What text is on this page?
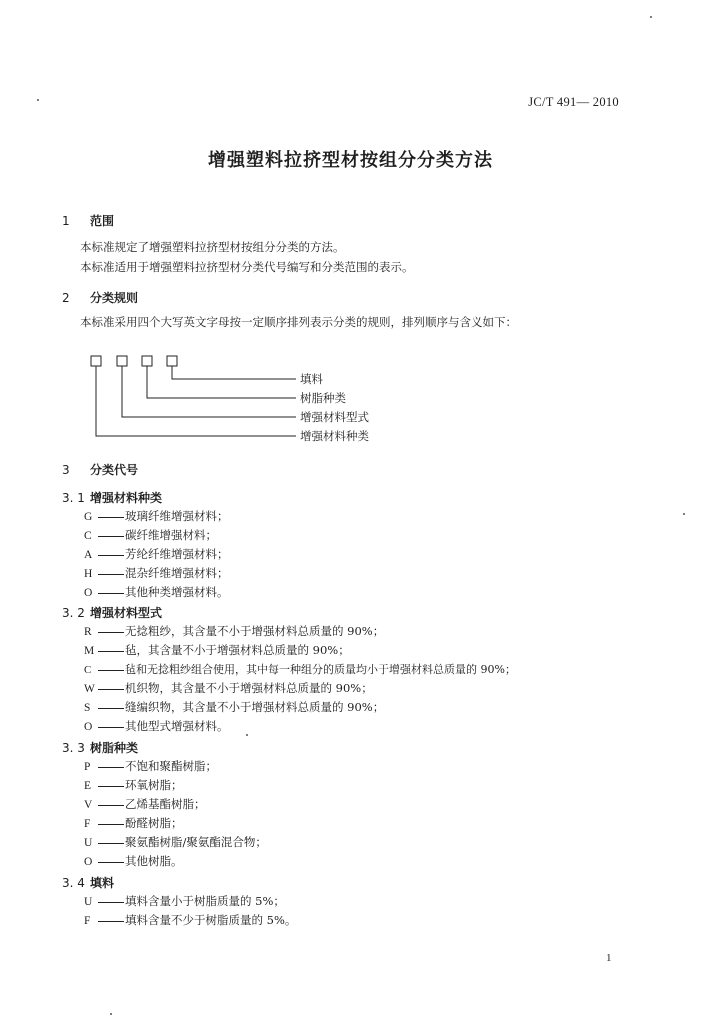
JC/T 491— 2010
增强塑料拉挤型材按组分分类方法
1 范围
本标准规定了增强塑料拉挤型材按组分分类的方法。
本标准适用于增强塑料拉挤型材分类代号编写和分类范围的表示。
2 分类规则
本标准采用四个大写英文字母按一定顺序排列表示分类的规则，排列顺序与含义如下：
填料
树脂种类
增强材料型式
增强材料种类
3 分类代号
3. 1 增强材料种类
G	玻璃纤维增强材料；
C	碳纤维增强材料；
A	芳纶纤维增强材料；
H	混杂纤维增强材料；
O	其他种类增强材料。
3. 2 增强材料型式
R	无捻粗纱，其含量不小于增强材料总质量的 90%；
M	毡，其含量不小于增强材料总质量的 90%；
C	毡和无捻粗纱组合使用，其中每一种组分的质量均小于增强材料总质量的 90%；
W	机织物，其含量不小于增强材料总质量的 90%；
S	缝编织物，其含量不小于增强材料总质量的 90%；
O	其他型式增强材料。
3. 3 树脂种类
P	不饱和聚酯树脂；
E	环氧树脂；
V	乙烯基酯树脂；
F	酚醛树脂；
U	聚氨酯树脂/聚氨酯混合物；
O	其他树脂。
3. 4 填料
U	填料含量小于树脂质量的 5%；
F	填料含量不少于树脂质量的 5%。
1
